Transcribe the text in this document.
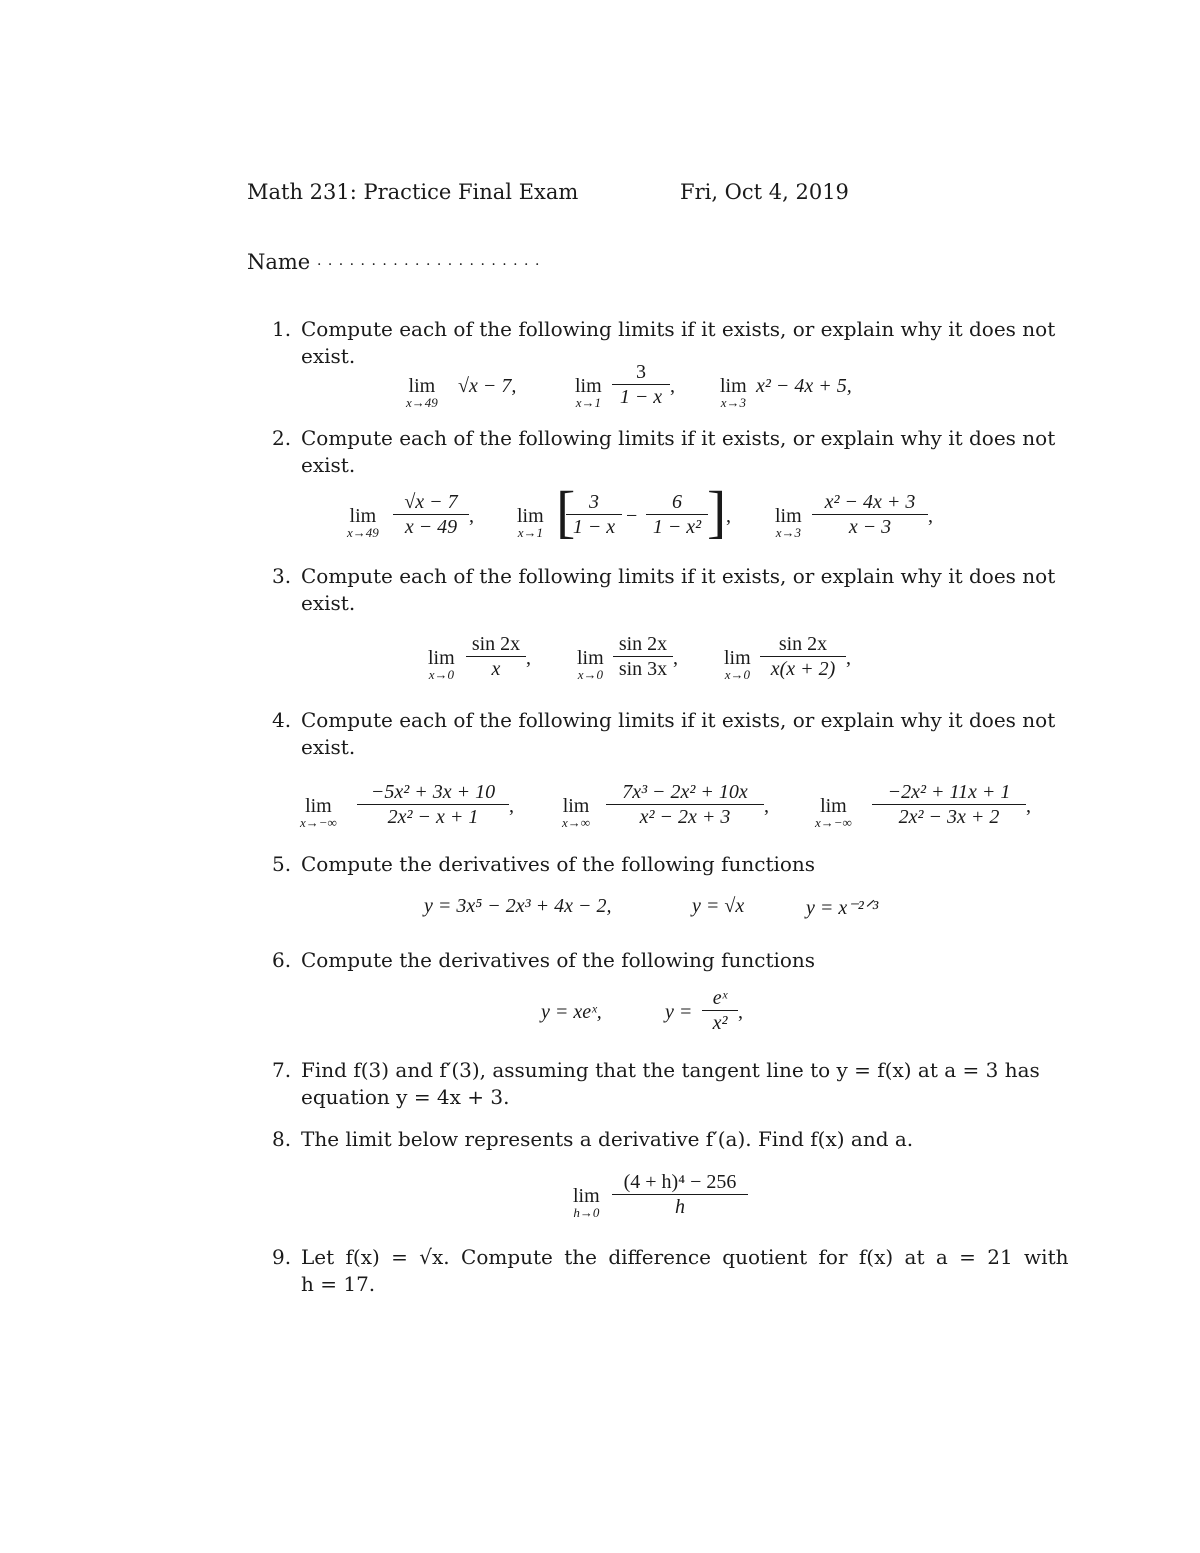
Math 231: Practice Final Exam	Fri, Oct 4, 2019
Name · · · · · · · · · · · · · · · · · · · · ·
1. Compute each of the following limits if it exists, or explain why it does not
exist.
lim
x→49
√x − 7,	lim
x→1
3
1 − x , lim
x→3
x² − 4x + 5,
2. Compute each of the following limits if it exists, or explain why it does not
exist.
lim
x→49
√x − 7
x − 49 , lim
x→1 [ 3
1 − x −
6
1 − x² ] , lim
x→3
x² − 4x + 3
x − 3	,
3. Compute each of the following limits if it exists, or explain why it does not
exist.
lim
x→0
sin 2x
x	, lim
x→0
sin 2x
sin 3x , lim
x→0
sin 2x
x(x + 2) ,
4. Compute each of the following limits if it exists, or explain why it does not
exist.
lim
x→−∞
−5x² + 3x + 10
2x² − x + 1	, lim
x→∞
7x³ − 2x² + 10x
x² − 2x + 3	,	lim
x→−∞
−2x² + 11x + 1
2x² − 3x + 2	,
5. Compute the derivatives of the following functions
y = 3x⁵ − 2x³ + 4x − 2,	y = √x	y = x⁻²ᐟ³
6. Compute the derivatives of the following functions
y = xeˣ,	y =
eˣ
x² ,
7. Find f(3) and f′(3), assuming that the tangent line to y = f(x) at a = 3 has
equation y = 4x + 3.
8. The limit below represents a derivative f′(a). Find f(x) and a.
lim
h→0
(4 + h)⁴ − 256
h
9. Let f(x) = √x. Compute the difference quotient for f(x) at a = 21 with
h = 17.
